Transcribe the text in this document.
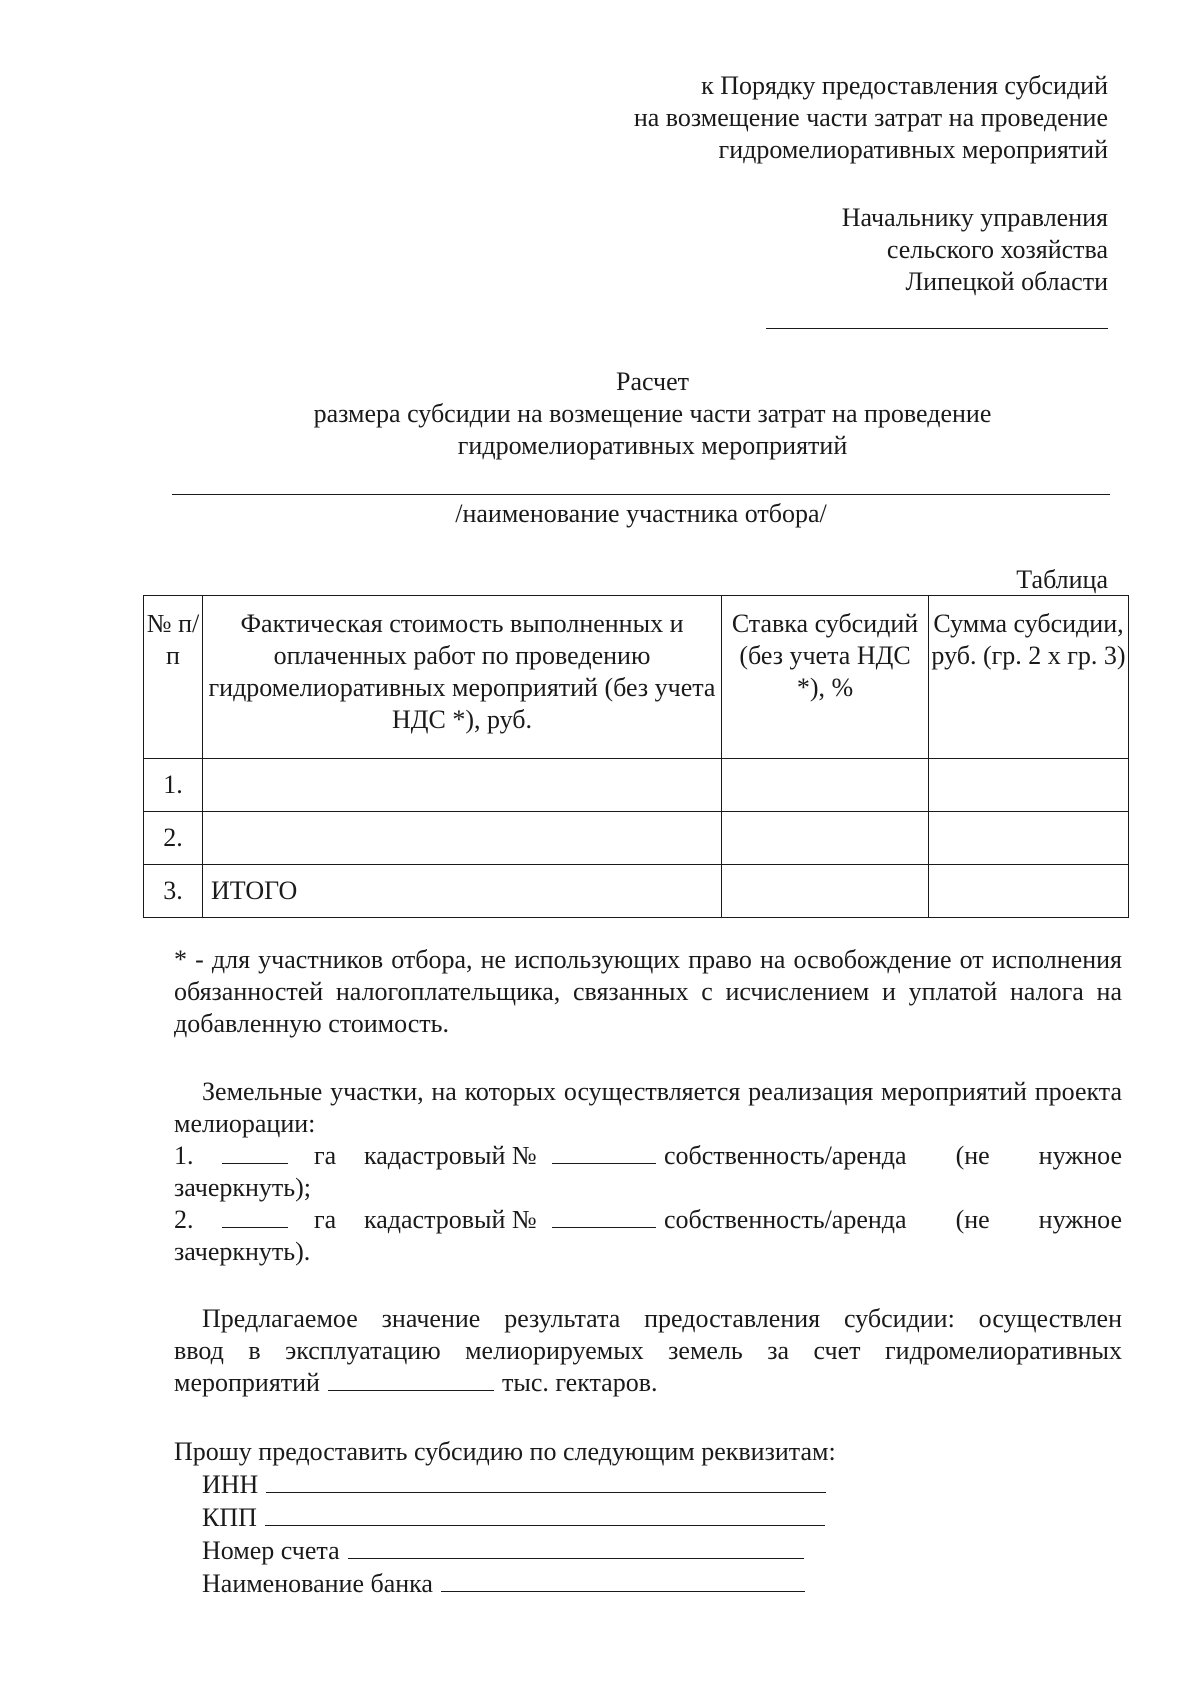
к Порядку предоставления субсидий
на возмещение части затрат на проведение
гидромелиоративных мероприятий
Начальнику управления
сельского хозяйства
Липецкой области
Расчет
размера субсидии на возмещение части затрат на проведение
гидромелиоративных мероприятий
/наименование участника отбора/
Таблица
№ п/п	Фактическая стоимость выполненных и оплаченных работ по проведению гидромелиоративных мероприятий (без учета НДС *), руб.	Ставка субсидий (без учета НДС *), %	Сумма субсидии, руб. (гр. 2 х гр. 3)
1.			
2.			
3.	ИТОГО		
* - для участников отбора, не использующих право на освобождение от исполнения обязанностей налогоплательщика, связанных с исчислением и уплатой налога на добавленную стоимость.

Земельные участки, на которых осуществляется реализация мероприятий проекта мелиорации:

1.	га	кадастровый №	собственность/аренда (не нужное
зачеркнуть);
2.	га	кадастровый №	собственность/аренда (не нужное
зачеркнуть).
Предлагаемое значение результата предоставления субсидии: осуществлен
ввод в эксплуатацию мелиорируемых земель за счет гидромелиоративных
мероприятий	тыс. гектаров.
Прошу предоставить субсидию по следующим реквизитам:
ИНН
КПП
Номер счета
Наименование банка
